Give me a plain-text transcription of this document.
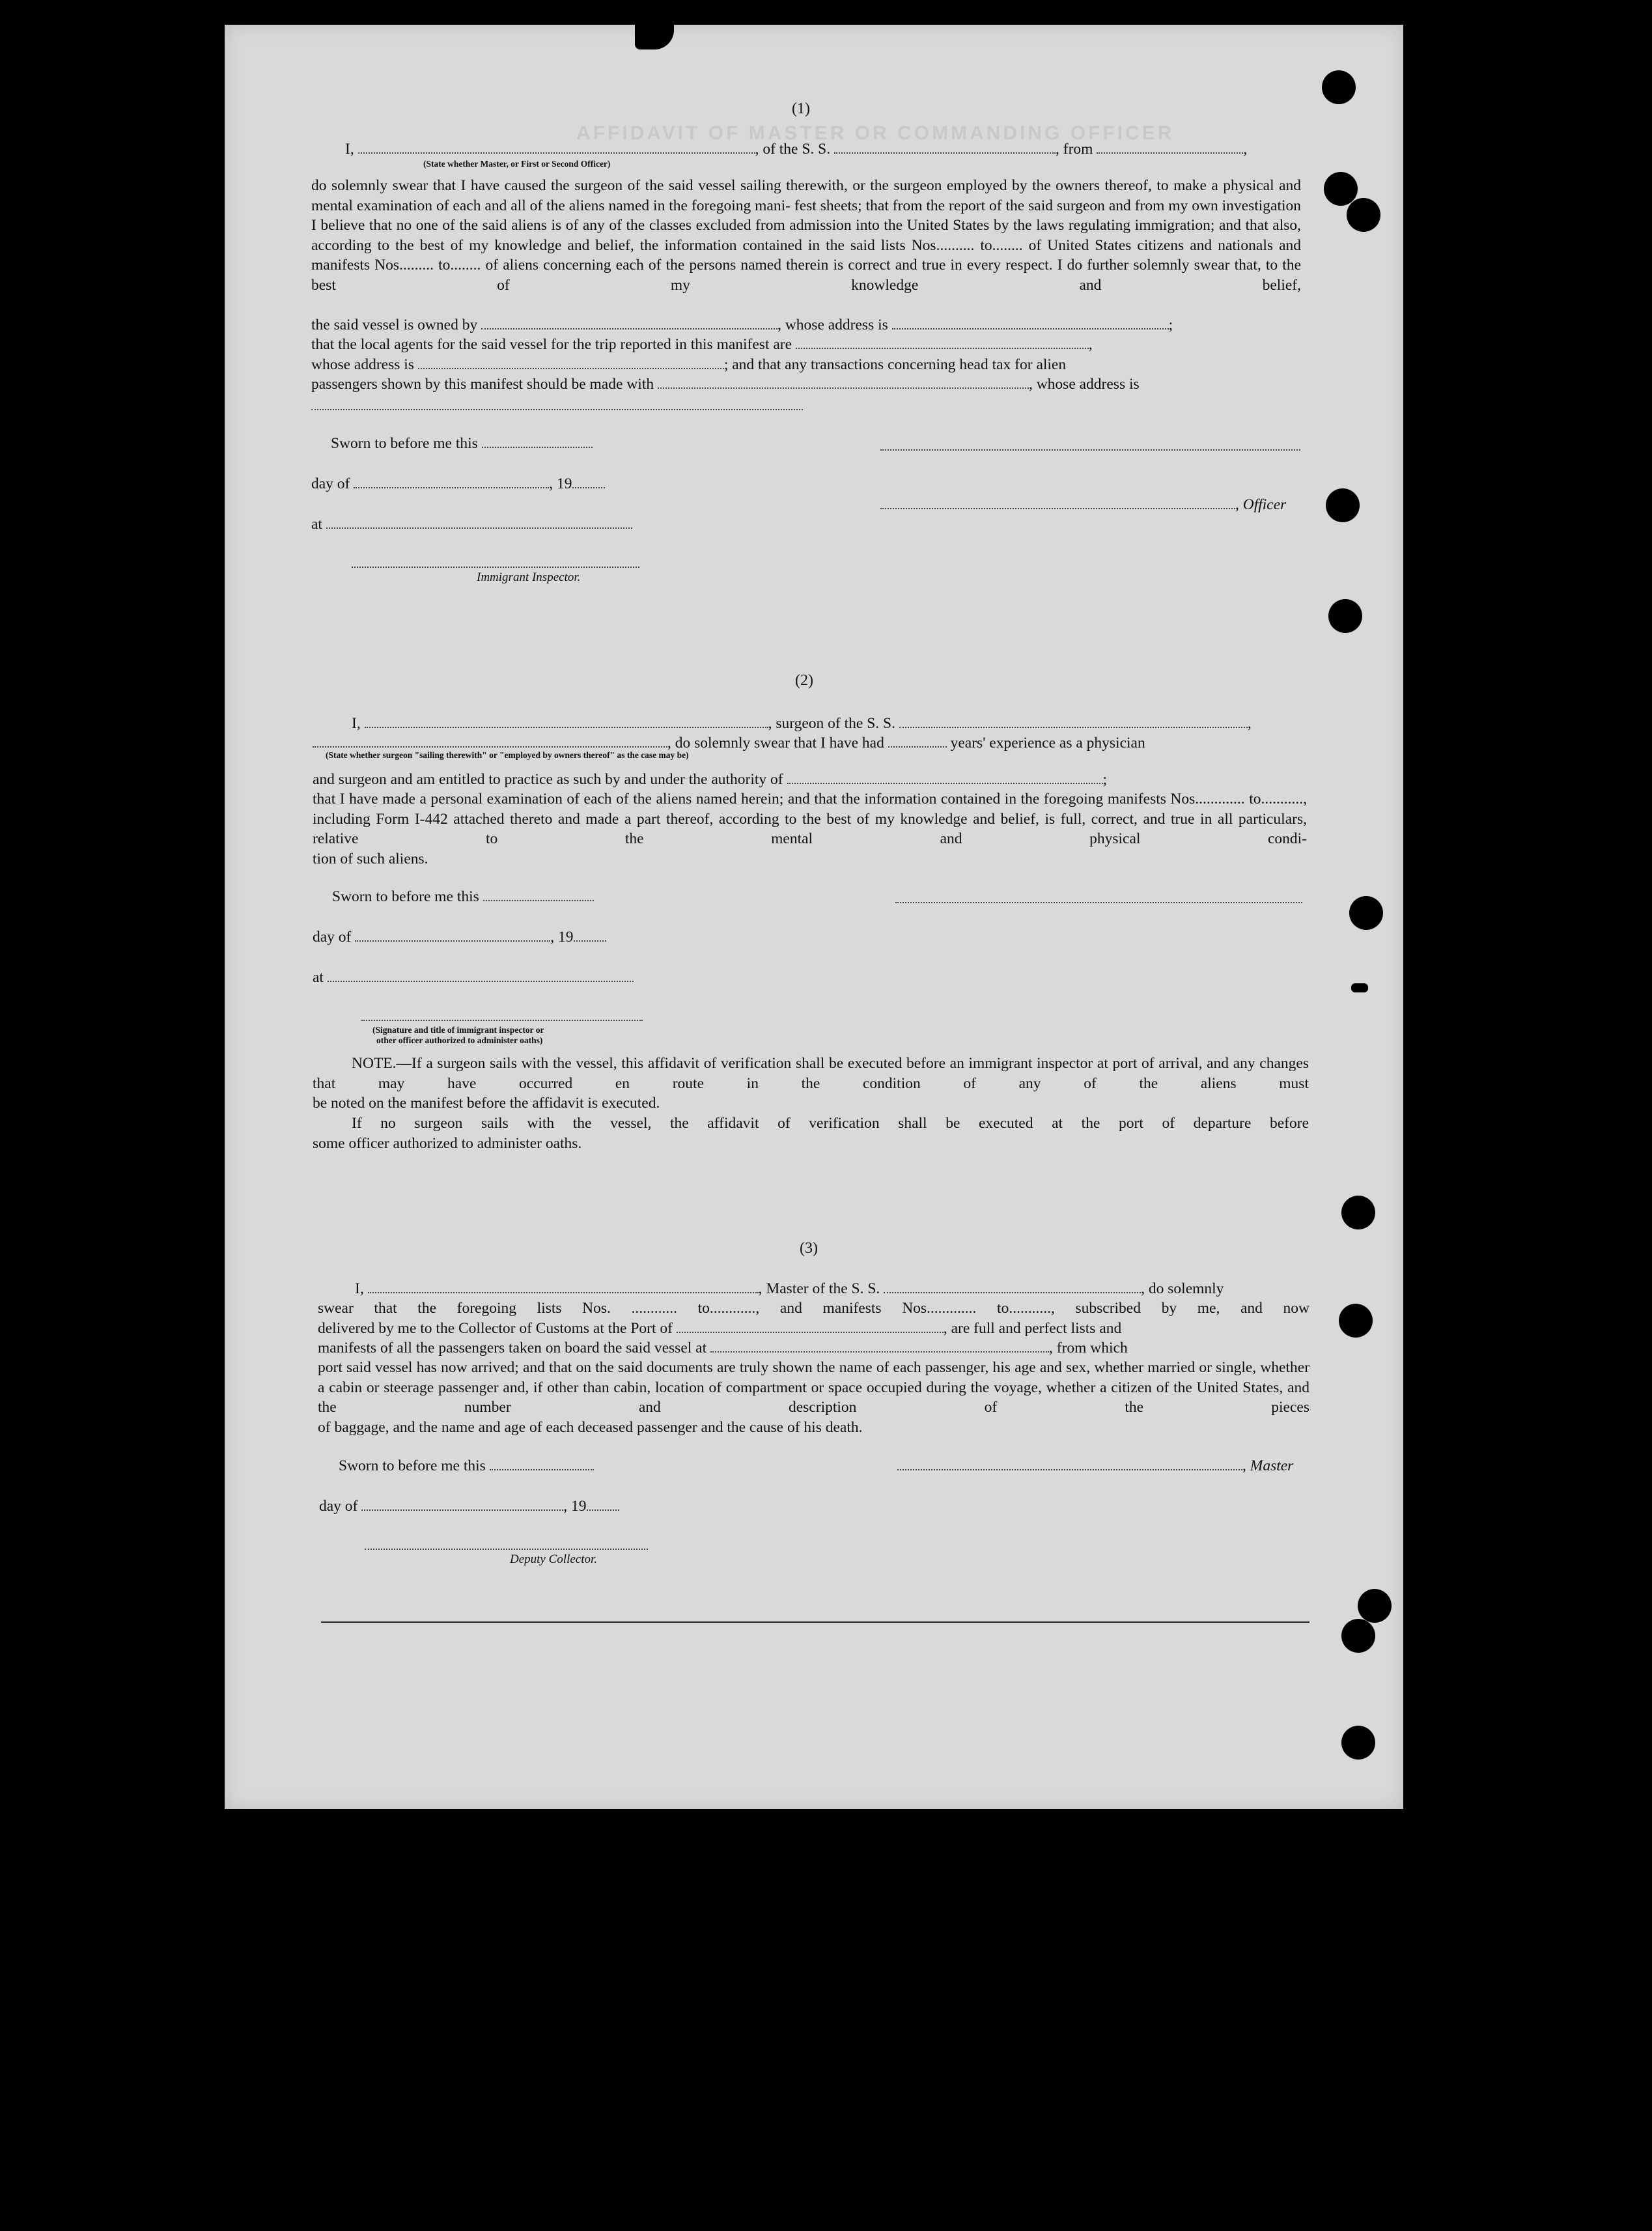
AFFIDAVIT OF MASTER OR COMMANDING OFFICER
(1)
I,	, of the S. S.	, from	,
(State whether Master, or First or Second Officer)
do solemnly swear that I have caused the surgeon of the said vessel sailing therewith, or the surgeon employed by the owners thereof, to make a physical and mental examination of each and all of the aliens named in the foregoing mani- fest sheets; that from the report of the said surgeon and from my own investigation I believe that no one of the said aliens is of any of the classes excluded from admission into the United States by the laws regulating immigration; and that also, according to the best of my knowledge and belief, the information contained in the said lists Nos.......... to........ of United States citizens and nationals and manifests Nos......... to........ of aliens concerning each of the persons named therein is correct and true in every respect. I do further solemnly swear that, to the best of my knowledge and belief,
the said vessel is owned by	, whose address is	;
that the local agents for the said vessel for the trip reported in this manifest are	,
whose address is	; and that any transactions concerning head tax for alien
passengers shown by this manifest should be made with	, whose address is
Sworn to before me this
day of	, 19
, Officer
at
Immigrant Inspector.
(2)
I,	, surgeon of the S. S.	,
, do solemnly swear that I have had	years' experience as a physician
(State whether surgeon "sailing therewith" or "employed by owners thereof" as the case may be)
and surgeon and am entitled to practice as such by and under the authority of	;
that I have made a personal examination of each of the aliens named herein; and that the information contained in the foregoing manifests Nos............. to..........., including Form I-442 attached thereto and made a part thereof, according to the best of my knowledge and belief, is full, correct, and true in all particulars, relative to the mental and physical condi-
tion of such aliens.
Sworn to before me this
day of	, 19
at
(Signature and title of immigrant inspector or
other officer authorized to administer oaths)
NOTE.—If a surgeon sails with the vessel, this affidavit of verification shall be executed before an immigrant inspector at port of arrival, and any changes that may have occurred en route in the condition of any of the aliens must
be noted on the manifest before the affidavit is executed.
If no surgeon sails with the vessel, the affidavit of verification shall be executed at the port of departure before
some officer authorized to administer oaths.
(3)
I,	, Master of the S. S.	, do solemnly
swear that the foregoing lists Nos. ............ to............, and manifests Nos............. to..........., subscribed by me, and now
delivered by me to the Collector of Customs at the Port of	, are full and perfect lists and
manifests of all the passengers taken on board the said vessel at	, from which
port said vessel has now arrived; and that on the said documents are truly shown the name of each passenger, his age and sex, whether married or single, whether a cabin or steerage passenger and, if other than cabin, location of compartment or space occupied during the voyage, whether a citizen of the United States, and the number and description of the pieces
of baggage, and the name and age of each deceased passenger and the cause of his death.
Sworn to before me this	, Master
day of	, 19
Deputy Collector.
